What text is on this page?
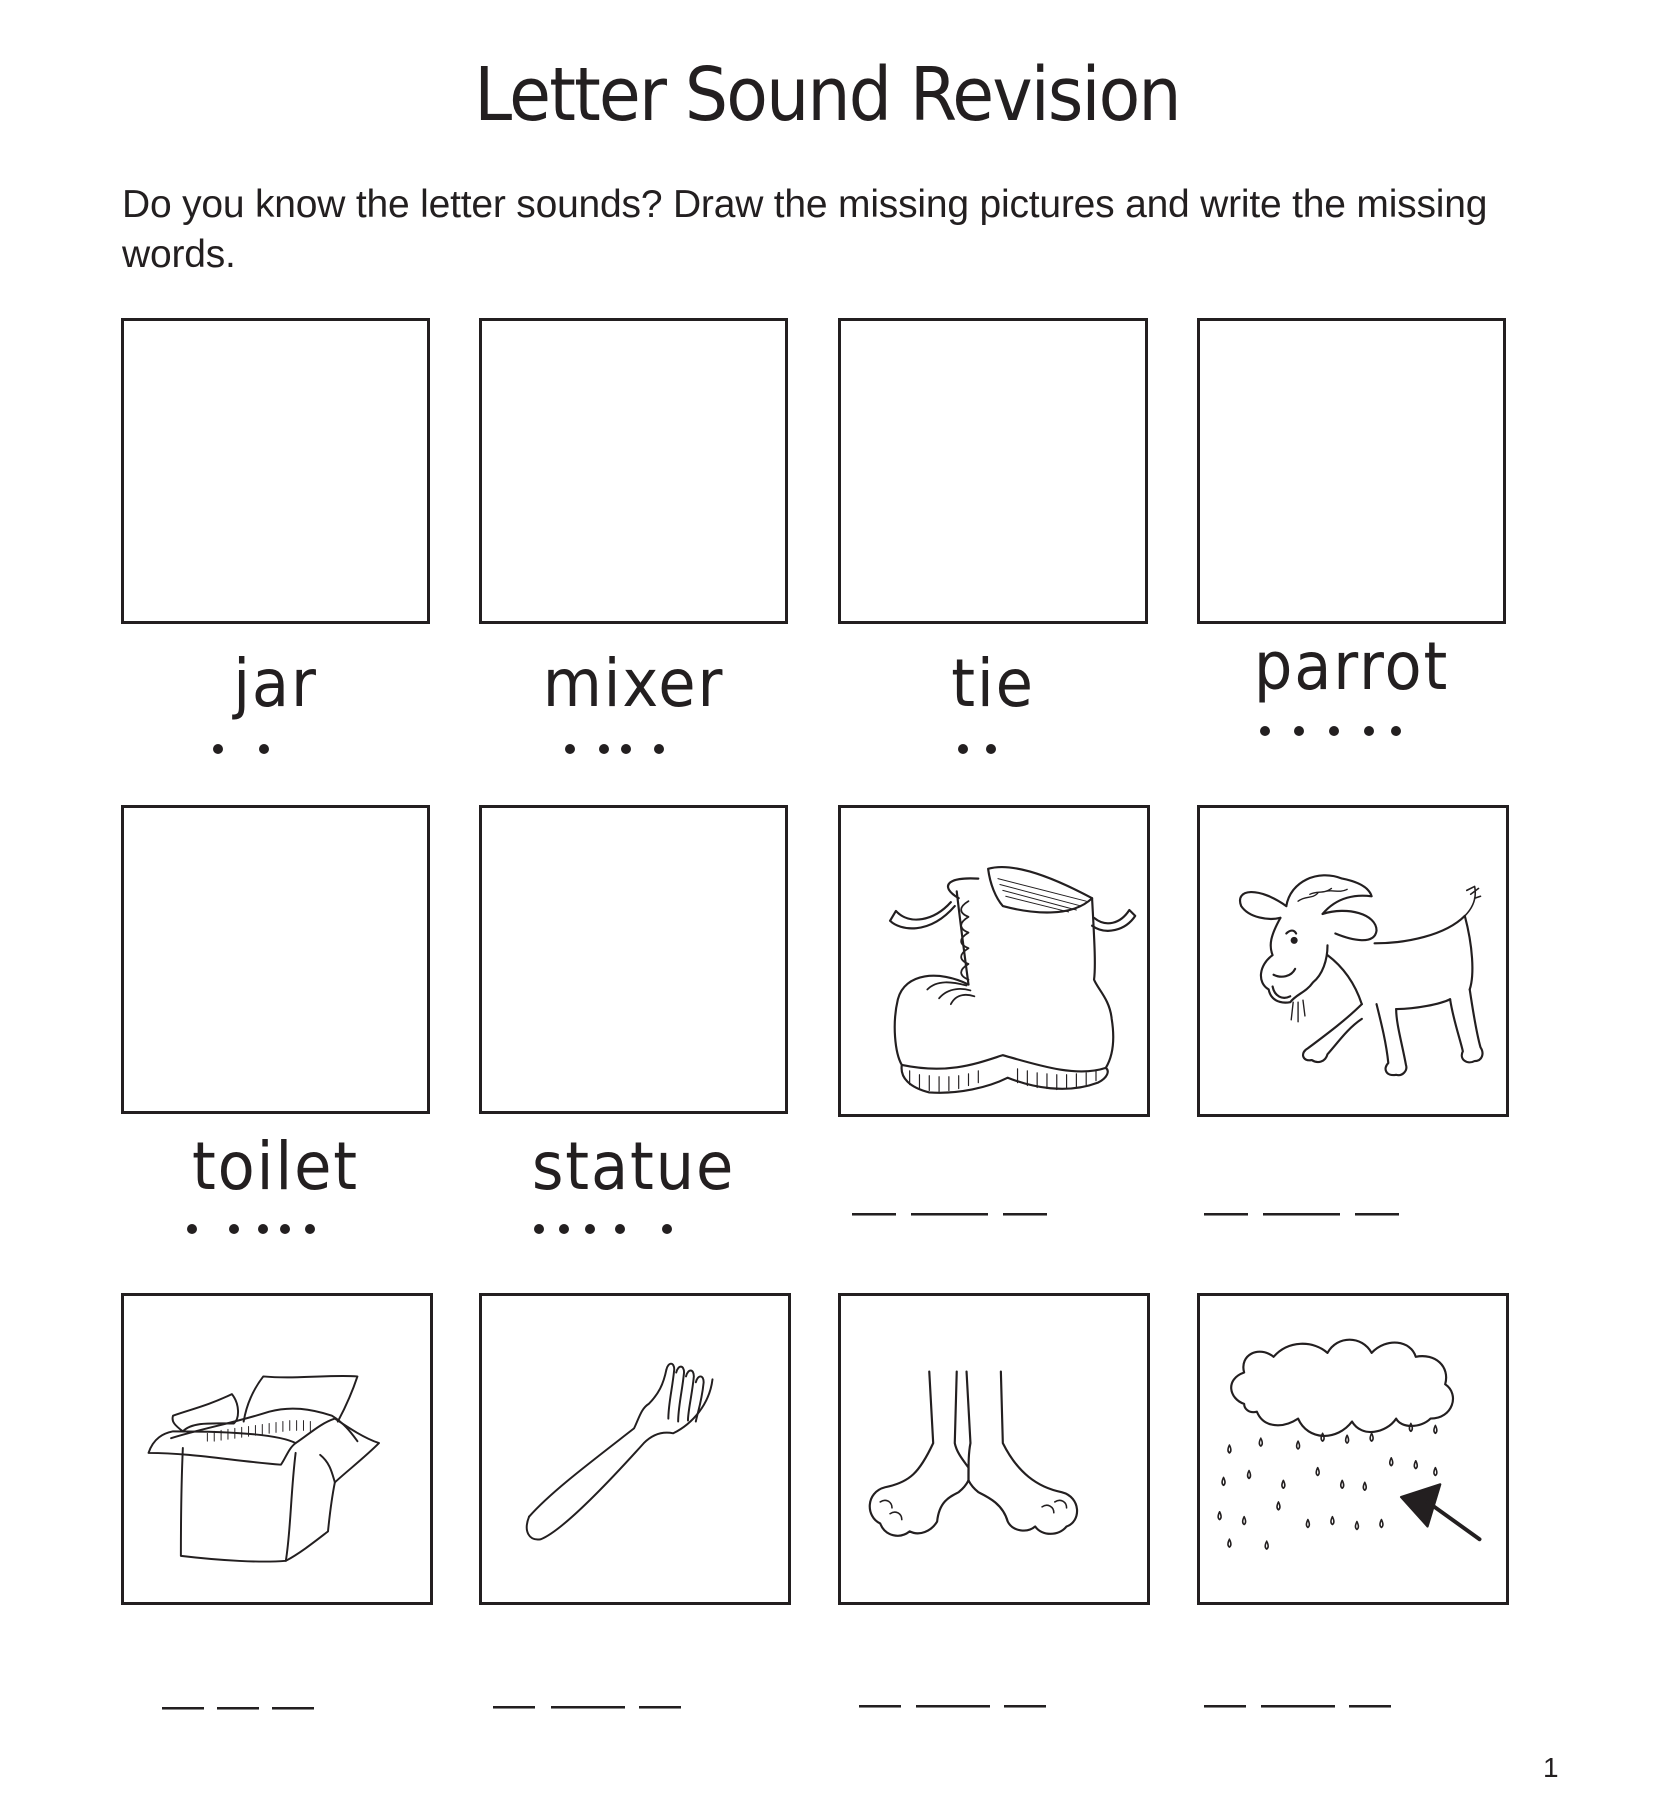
Letter Sound Revision
Do you know the letter sounds? Draw the missing pictures and write the missing words.
jar	mixer	tie	parrot
toilet	statue
1
